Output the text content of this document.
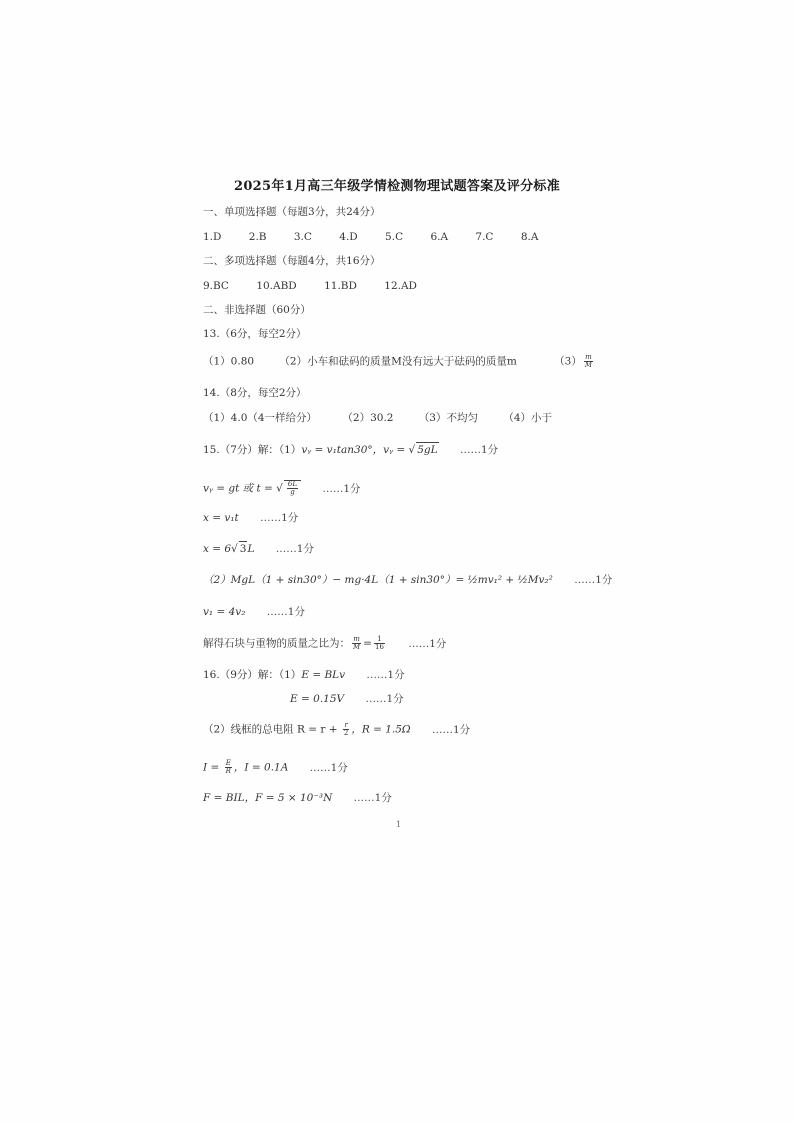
2025年1月高三年级学情检测物理试题答案及评分标准
一、单项选择题（每题3分，共24分）
1.D	2.B	3.C	4.D	5.C	6.A	7.C	8.A
二、多项选择题（每题4分，共16分）
9.BC	10.ABD	11.BD	12.AD
二、非选择题（60分）
13.（6分，每空2分）
（1）0.80 （2）小车和砝码的质量M没有远大于砝码的质量m	$(3) \frac{m}{M}$
14.（8分，每空2分）
（1）4.0（4一样给分） （2）30.2 （3）不均匀 （4）小于
15.（7分）解：（1）vᵧ = v₁tan30°，vᵧ = √ 5gL ……1分
vᵧ = gt 或 t = √ $\frac{6L}{g}$ ……1分
x = v₁t ……1分
x = 6√ 3L ……1分
（2）MgL（1 + sin30°）− mg·4L（1 + sin30°）= ½mv₁² + ½Mv₂² ……1分
v₁ = 4v₂ ……1分
解得石块与重物的质量之比为： $\frac{m}{M} = \frac{1}{16}$ ……1分
16.（9分）解：（1）E = BLv ……1分
E = 0.15V ……1分
（2）线框的总电阻 $R = r + \frac{r}{2}$ ，R = 1.5Ω ……1分
$I = \frac{E}{R}$ ，I = 0.1A ……1分
F = BIL，F = 5 × 10⁻³N ……1分
1
